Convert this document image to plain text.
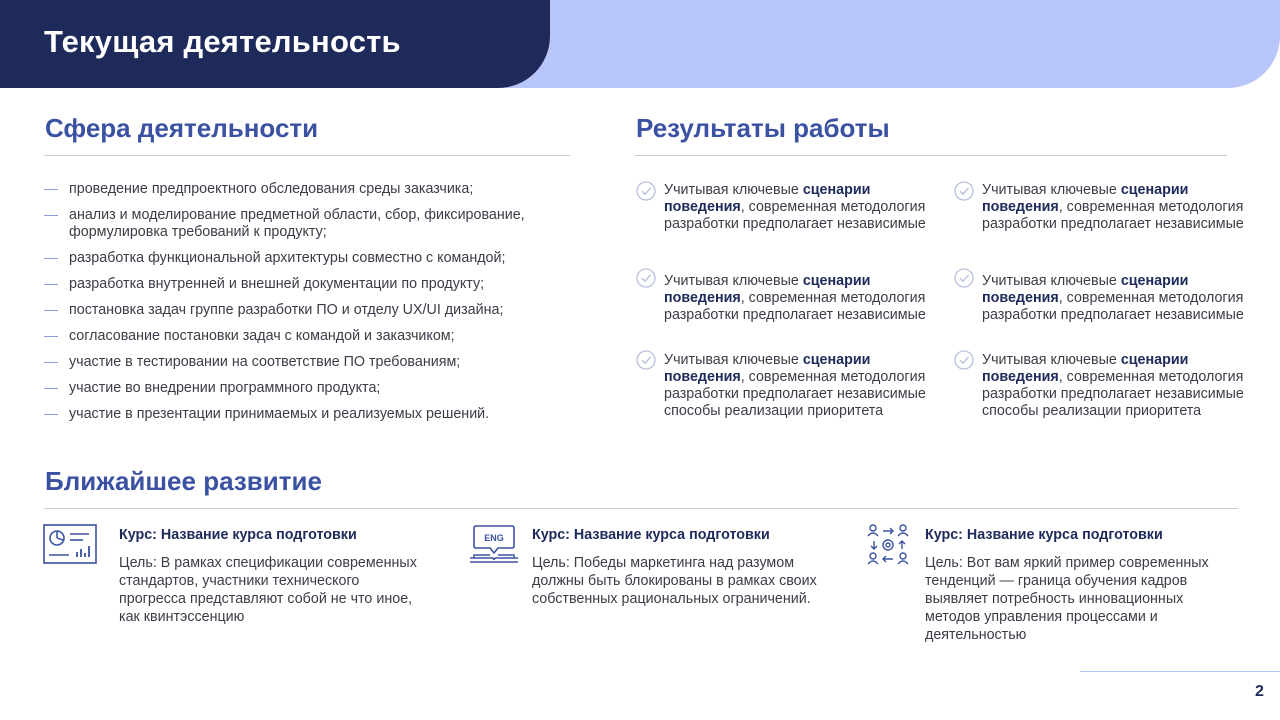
Текущая деятельность
Сфера деятельности
проведение предпроектного обследования среды заказчика;
анализ и моделирование предметной области, сбор, фиксирование, формулировка требований к продукту;
разработка функциональной архитектуры совместно с командой;
разработка внутренней и внешней документации по продукту;
постановка задач группе разработки ПО и отделу UX/UI дизайна;
согласование постановки задач с командой и заказчиком;
участие в тестировании на соответствие ПО требованиям;
участие во внедрении программного продукта;
участие в презентации принимаемых и реализуемых решений.
Результаты работы
Учитывая ключевые сценарии поведения, современная методология разработки предполагает независимые
Учитывая ключевые сценарии поведения, современная методология разработки предполагает независимые
Учитывая ключевые сценарии поведения, современная методология разработки предполагает независимые
Учитывая ключевые сценарии поведения, современная методология разработки предполагает независимые
Учитывая ключевые сценарии поведения, современная методология разработки предполагает независимые способы реализации приоритета
Учитывая ключевые сценарии поведения, современная методология разработки предполагает независимые способы реализации приоритета
Ближайшее развитие
Курс: Название курса подготовки
Цель: В рамках спецификации современных стандартов, участники технического прогресса представляют собой не что иное, как квинтэссенцию
ENG Курс: Название курса подготовки
Цель: Победы маркетинга над разумом должны быть блокированы в рамках своих собственных рациональных ограничений.
Курс: Название курса подготовки
Цель: Вот вам яркий пример современных тенденций — граница обучения кадров выявляет потребность инновационных методов управления процессами и деятельностью
2
